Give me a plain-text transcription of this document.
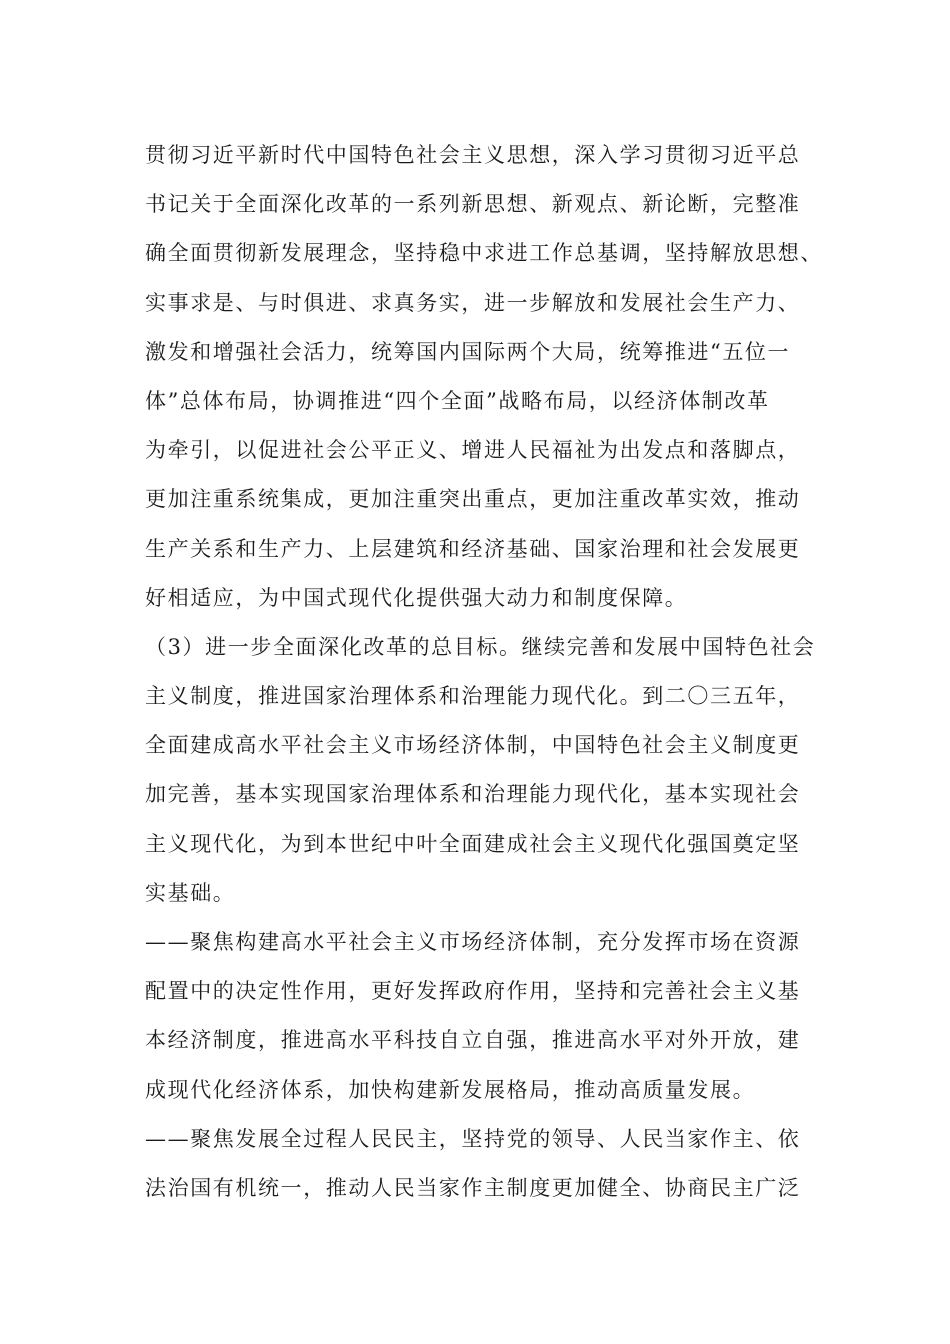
贯彻习近平新时代中国特色社会主义思想，深入学习贯彻习近平总
书记关于全面深化改革的一系列新思想、新观点、新论断，完整准
确全面贯彻新发展理念，坚持稳中求进工作总基调，坚持解放思想、
实事求是、与时俱进、求真务实，进一步解放和发展社会生产力、
激发和增强社会活力，统筹国内国际两个大局，统筹推进“五位一
体”总体布局，协调推进“四个全面”战略布局，以经济体制改革
为牵引，以促进社会公平正义、增进人民福祉为出发点和落脚点，
更加注重系统集成，更加注重突出重点，更加注重改革实效，推动
生产关系和生产力、上层建筑和经济基础、国家治理和社会发展更
好相适应，为中国式现代化提供强大动力和制度保障。
（3）进一步全面深化改革的总目标。继续完善和发展中国特色社会
主义制度，推进国家治理体系和治理能力现代化。到二〇三五年，
全面建成高水平社会主义市场经济体制，中国特色社会主义制度更
加完善，基本实现国家治理体系和治理能力现代化，基本实现社会
主义现代化，为到本世纪中叶全面建成社会主义现代化强国奠定坚
实基础。
——聚焦构建高水平社会主义市场经济体制，充分发挥市场在资源
配置中的决定性作用，更好发挥政府作用，坚持和完善社会主义基
本经济制度，推进高水平科技自立自强，推进高水平对外开放，建
成现代化经济体系，加快构建新发展格局，推动高质量发展。
——聚焦发展全过程人民民主，坚持党的领导、人民当家作主、依
法治国有机统一，推动人民当家作主制度更加健全、协商民主广泛
